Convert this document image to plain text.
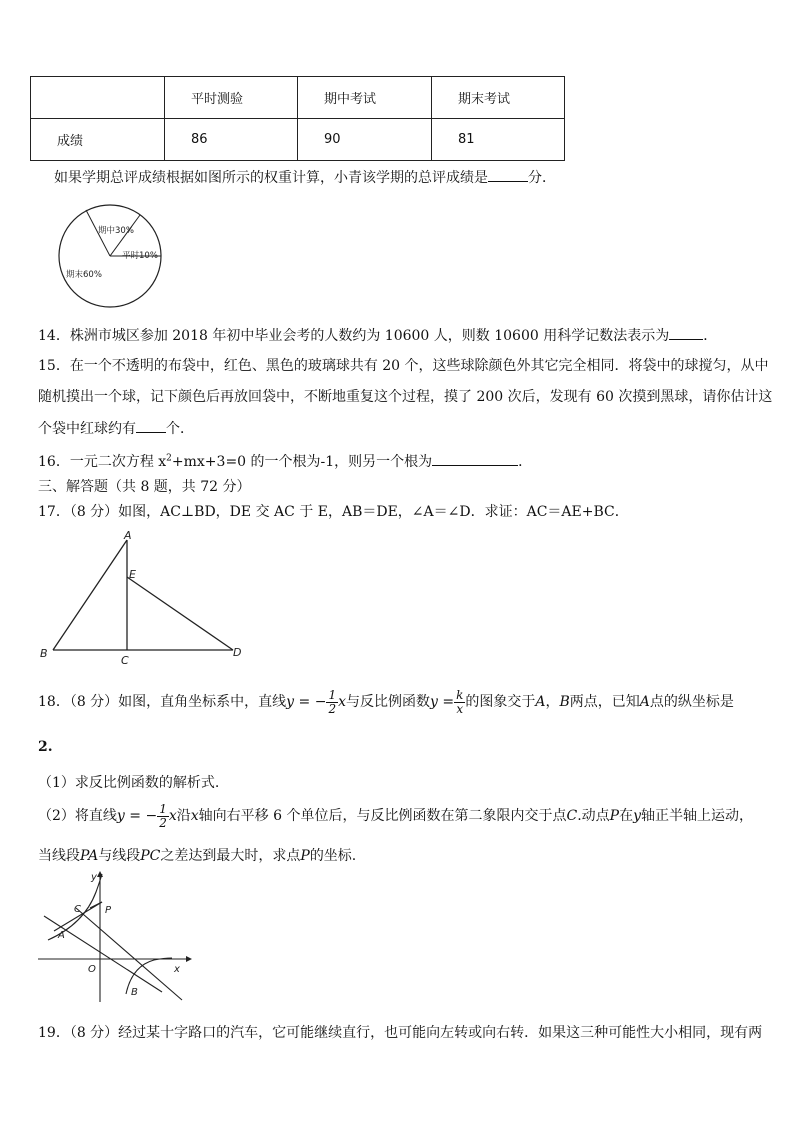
	平时测验	期中考试	期末考试
成绩	86	90	81
如果学期总评成绩根据如图所示的权重计算，小青该学期的总评成绩是	分．
期中30%
平时10%
期末60%
14．株洲市城区参加 2018 年初中毕业会考的人数约为 10600 人，则数 10600 用科学记数法表示为 ．
15．在一个不透明的布袋中，红色、黑色的玻璃球共有 20 个，这些球除颜色外其它完全相同．将袋中的球搅匀，从中
随机摸出一个球，记下颜色后再放回袋中，不断地重复这个过程，摸了 200 次后，发现有 60 次摸到黑球，请你估计这
个袋中红球约有 个．
16．一元二次方程 $x^2+mx+3=0$ 的一个根为-1，则另一个根为	．
三、解答题（共 8 题，共 72 分）
17．（8 分）如图，AC⊥BD，DE 交 AC 于 E，AB＝DE，∠A＝∠D．求证：AC＝AE+BC．
A
B
C
D
E
18．（8 分）如图，直角坐标系中，直线y = − $\frac{1}{2}$ x与反比例函数$y = \frac{k}{x}$ 的图象交于A，B两点，已知A点的纵坐标是
2.
（1）求反比例函数的解析式.
（2）将直线y = − $\frac{1}{2}$ x沿x轴向右平移 6 个单位后，与反比例函数在第二象限内交于点C.动点P在y轴正半轴上运动，
当线段PA与线段PC之差达到最大时，求点P的坐标.
y
x
O
A
B
C P
19．（8 分）经过某十字路口的汽车，它可能继续直行，也可能向左转或向右转．如果这三种可能性大小相同，现有两
